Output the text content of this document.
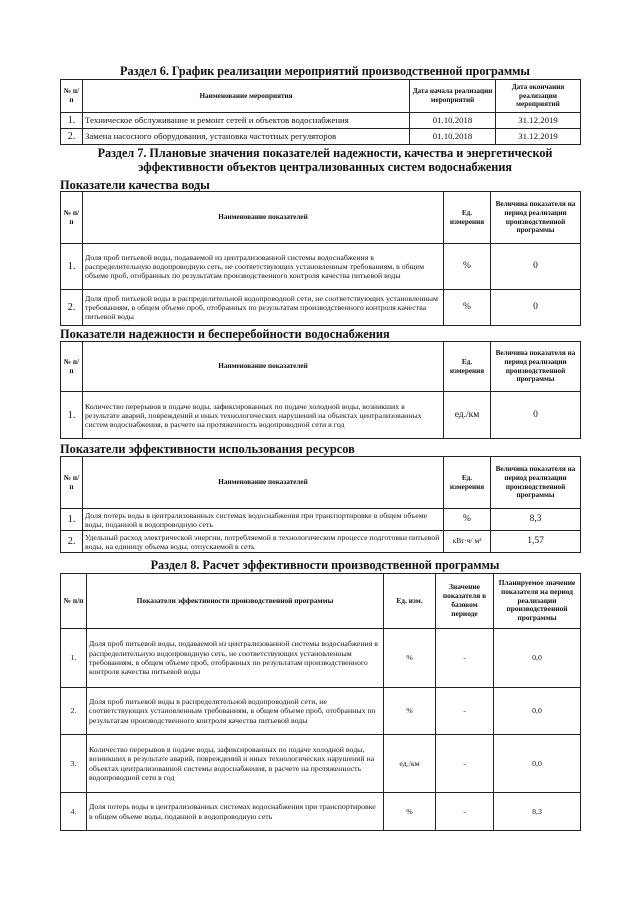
Раздел 6. График реализации мероприятий производственной программы
№ п/п	Наименование мероприятия	Дата начала реализации мероприятий	Дата окончания реализации мероприятий
1.	Техническое обслуживание и ремонт сетей и объектов водоснабжения	01.10.2018	31.12.2019
2.	Замена насосного оборудования, установка частотных регуляторов	01.10.2018	31.12.2019
Раздел 7. Плановые значения показателей надежности, качества и энергетической
эффективности объектов централизованных систем водоснабжения
Показатели качества воды
№ п/п	Наименование показателей	Ед. измерения	Величина показателя на период реализации производственной программы
1.	Доля проб питьевой воды, подаваемой из централизованной системы водоснабжения в распределительную водопроводную сеть, не соответствующих установленным требованиям, в общем объеме проб, отобранных по результатам производственного контроля качества питьевой воды	%	0
2.	Доля проб питьевой воды в распределительной водопроводной сети, не соответствующих установленным требованиям, в общем объеме проб, отобранных по результатам производственного контроля качества питьевой воды	%	0
Показатели надежности и бесперебойности водоснабжения
№ п/п	Наименование показателей	Ед. измерения	Величина показателя на период реализации производственной программы
1.	Количество перерывов в подаче воды, зафиксированных по подаче холодной воды, возникших в результате аварий, повреждений и иных технологических нарушений на объектах централизованных систем водоснабжения, в расчете на протяженность водопроводной сети в год	ед./км	0
Показатели эффективности использования ресурсов
№ п/п	Наименование показателей	Ед. измерения	Величина показателя на период реализации производственной программы
1.	Доля потерь воды в централизованных системах водоснабжения при транспортировке в общем объеме воды, поданной в водопроводную сеть	%	8,3
2.	Удельный расход электрической энергии, потребляемой в технологическом процессе подготовки питьевой воды, на единицу объема воды, отпускаемой в сеть	кВт·ч/ м³	1,57
Раздел 8. Расчет эффективности производственной программы
№ п/п	Показатели эффективности производственной программы	Ед. изм.	Значение показателя в базовом периоде	Планируемое значение показателя на период реализации производственной программы
1.	Доля проб питьевой воды, подаваемой из централизованной системы водоснабжения в распределительную водопроводную сеть, не соответствующих установленным требованиям, в общем объеме проб, отобранных по результатам производственного контроля качества питьевой воды	%	-	0,0
2.	Доля проб питьевой воды в распределительной водопроводной сети, не соответствующих установленным требованиям, в общем объеме проб, отобранных по результатам производственного контроля качества питьевой воды	%	-	0,0
3.	Количество перерывов в подаче воды, зафиксированных по подаче холодной воды, возникших в результате аварий, повреждений и иных технологических нарушений на объектах централизованной системы водоснабжения, в расчете на протяженность водопроводной сети в год	ед./км	-	0,0
4.	Доля потерь воды в централизованных системах водоснабжения при транспортировке в общем объеме воды, поданной в водопроводную сеть	%	-	8,3
